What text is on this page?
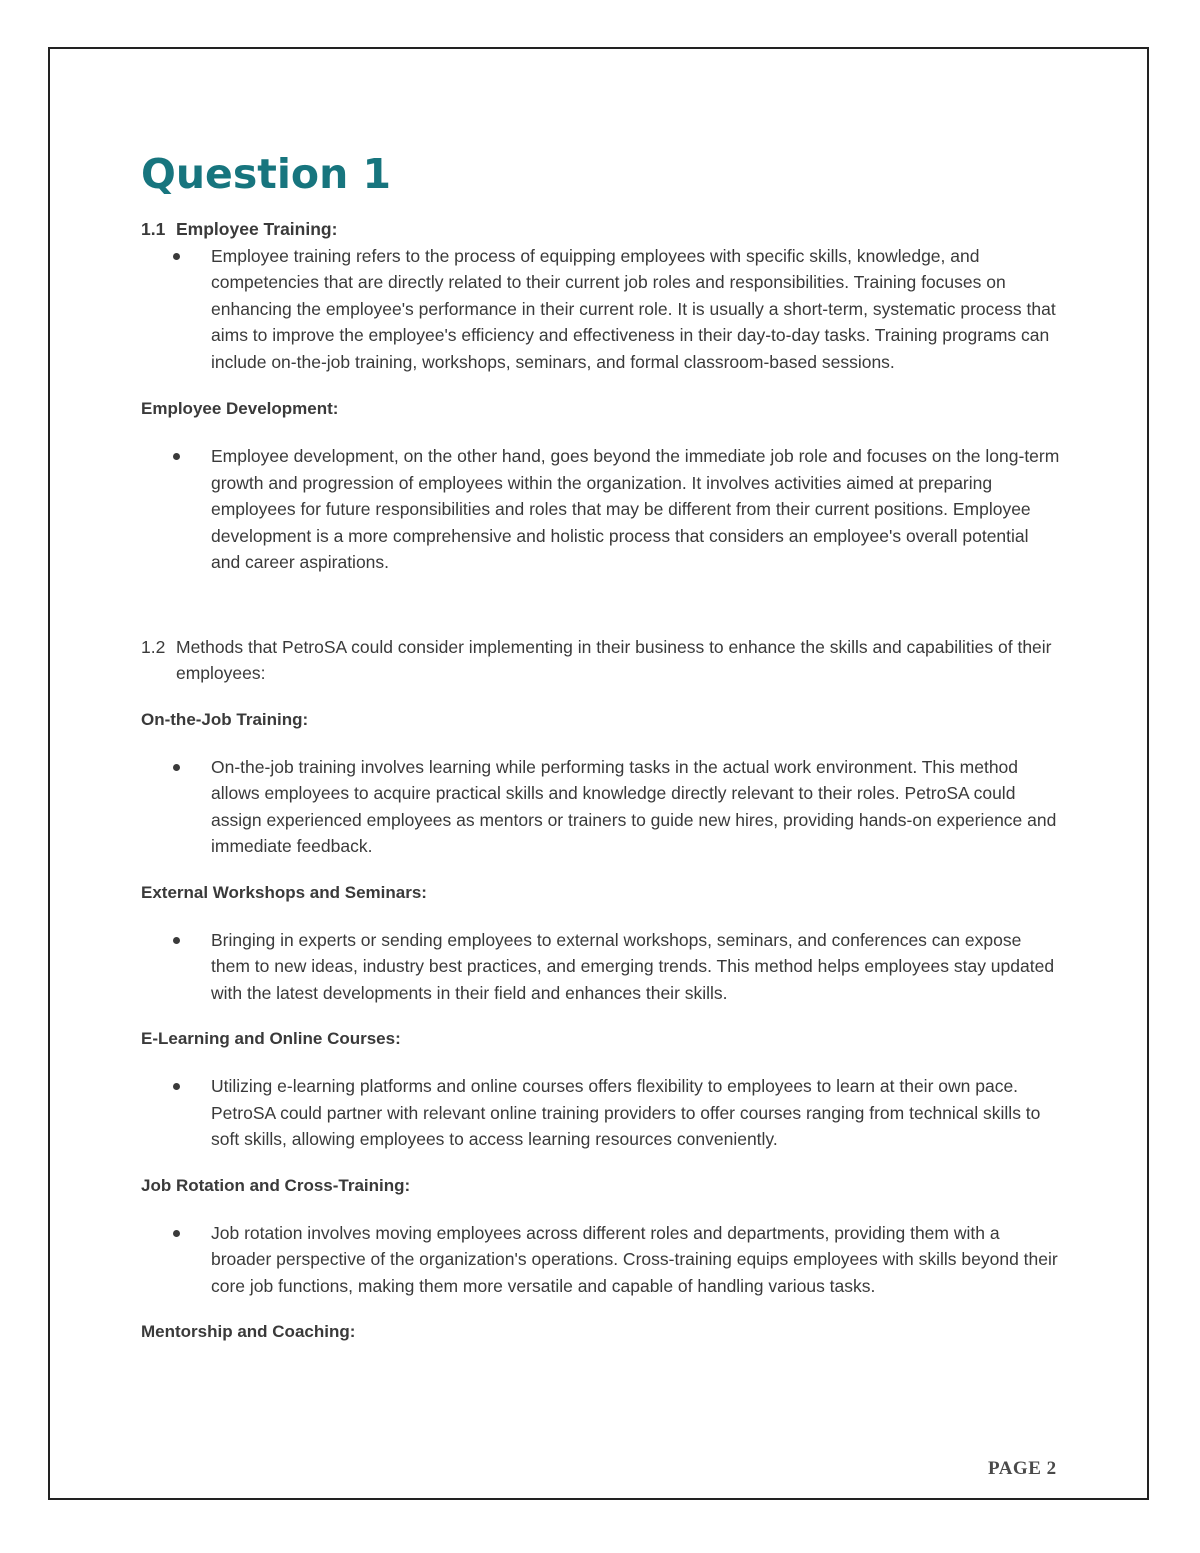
Question 1

1.1 Employee Training:

Employee training refers to the process of equipping employees with specific skills, knowledge, and competencies that are directly related to their current job roles and responsibilities. Training focuses on enhancing the employee's performance in their current role. It is usually a short-term, systematic process that aims to improve the employee's efficiency and effectiveness in their day-to-day tasks. Training programs can include on-the-job training, workshops, seminars, and formal classroom-based sessions.

Employee Development:

Employee development, on the other hand, goes beyond the immediate job role and focuses on the long-term growth and progression of employees within the organization. It involves activities aimed at preparing employees for future responsibilities and roles that may be different from their current positions. Employee development is a more comprehensive and holistic process that considers an employee's overall potential and career aspirations.

1.2 Methods that PetroSA could consider implementing in their business to enhance the skills and capabilities of their employees:

On-the-Job Training:

On-the-job training involves learning while performing tasks in the actual work environment. This method allows employees to acquire practical skills and knowledge directly relevant to their roles. PetroSA could assign experienced employees as mentors or trainers to guide new hires, providing hands-on experience and immediate feedback.

External Workshops and Seminars:

Bringing in experts or sending employees to external workshops, seminars, and conferences can expose them to new ideas, industry best practices, and emerging trends. This method helps employees stay updated with the latest developments in their field and enhances their skills.

E-Learning and Online Courses:

Utilizing e-learning platforms and online courses offers flexibility to employees to learn at their own pace. PetroSA could partner with relevant online training providers to offer courses ranging from technical skills to soft skills, allowing employees to access learning resources conveniently.

Job Rotation and Cross-Training:

Job rotation involves moving employees across different roles and departments, providing them with a broader perspective of the organization's operations. Cross-training equips employees with skills beyond their core job functions, making them more versatile and capable of handling various tasks.

Mentorship and Coaching:

PAGE 2
